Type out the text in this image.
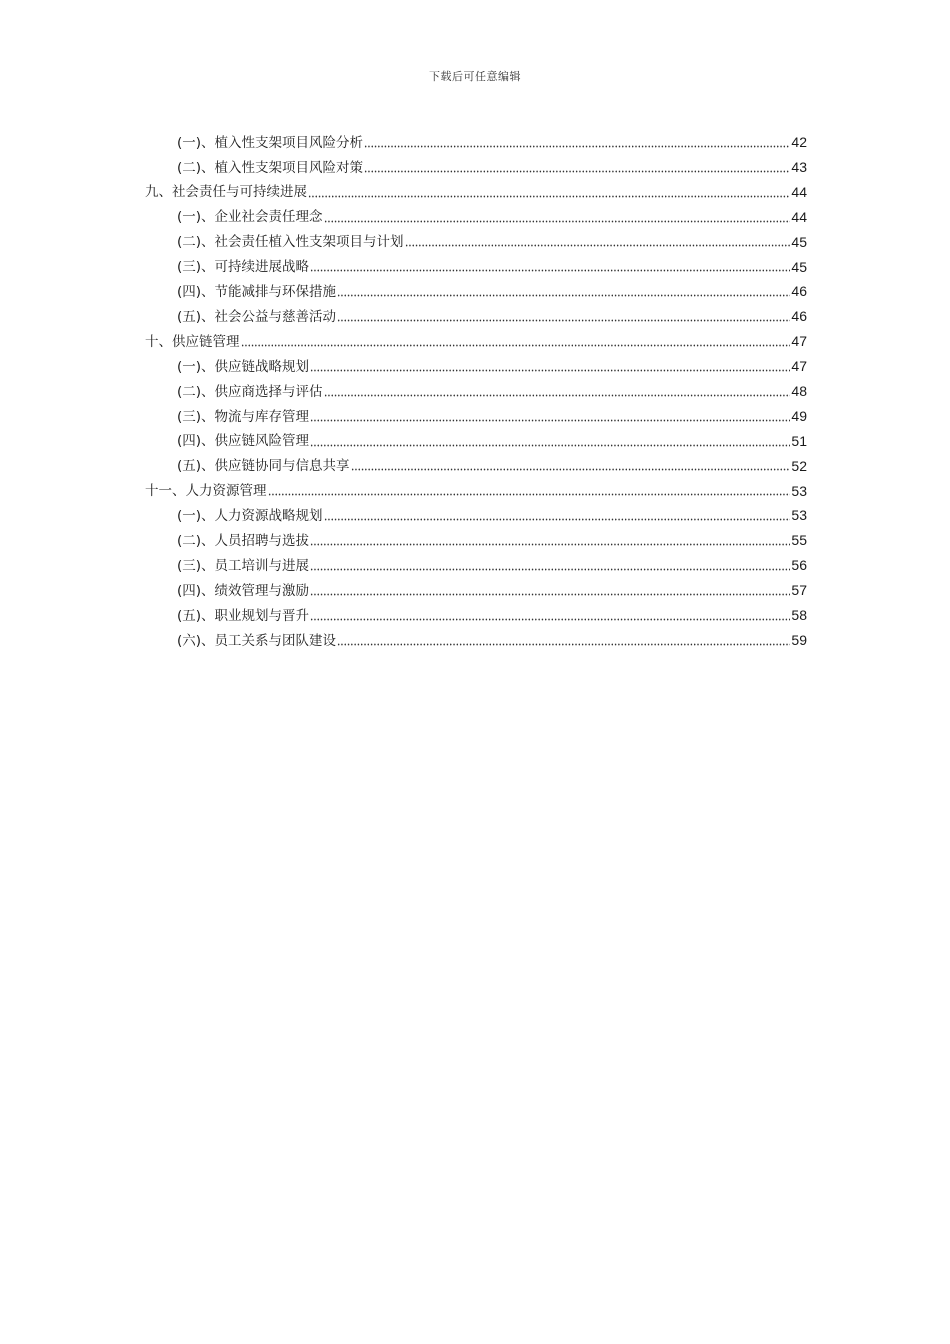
下载后可任意编辑
(一)、植入性支架项目风险分析	42
(二)、植入性支架项目风险对策	43
九、社会责任与可持续进展	44
(一)、企业社会责任理念	44
(二)、社会责任植入性支架项目与计划	45
(三)、可持续进展战略	45
(四)、节能减排与环保措施	46
(五)、社会公益与慈善活动	46
十、供应链管理	47
(一)、供应链战略规划	47
(二)、供应商选择与评估	48
(三)、物流与库存管理	49
(四)、供应链风险管理	51
(五)、供应链协同与信息共享	52
十一、人力资源管理	53
(一)、人力资源战略规划	53
(二)、人员招聘与选拔	55
(三)、员工培训与进展	56
(四)、绩效管理与激励	57
(五)、职业规划与晋升	58
(六)、员工关系与团队建设	59
